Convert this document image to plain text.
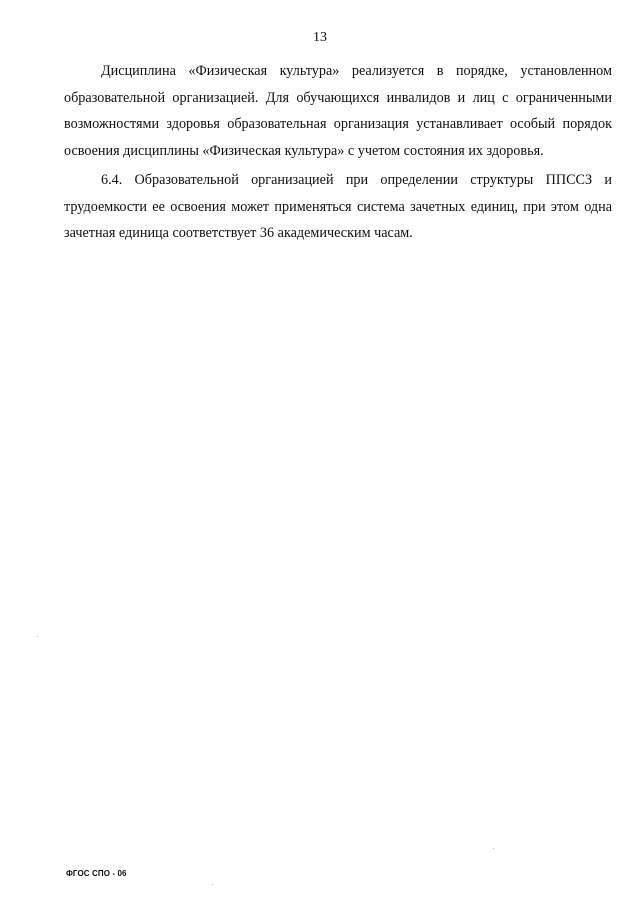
13

Дисциплина «Физическая культура» реализуется в порядке, установленном образовательной организацией. Для обучающихся инвалидов и лиц с ограниченными возможностями здоровья образовательная организация устанавливает особый порядок освоения дисциплины «Физическая культура» с учетом состояния их здоровья.

6.4. Образовательной организацией при определении структуры ППССЗ и трудоемкости ее освоения может применяться система зачетных единиц, при этом одна зачетная единица соответствует 36 академическим часам.

ФГОС СПО - 06
